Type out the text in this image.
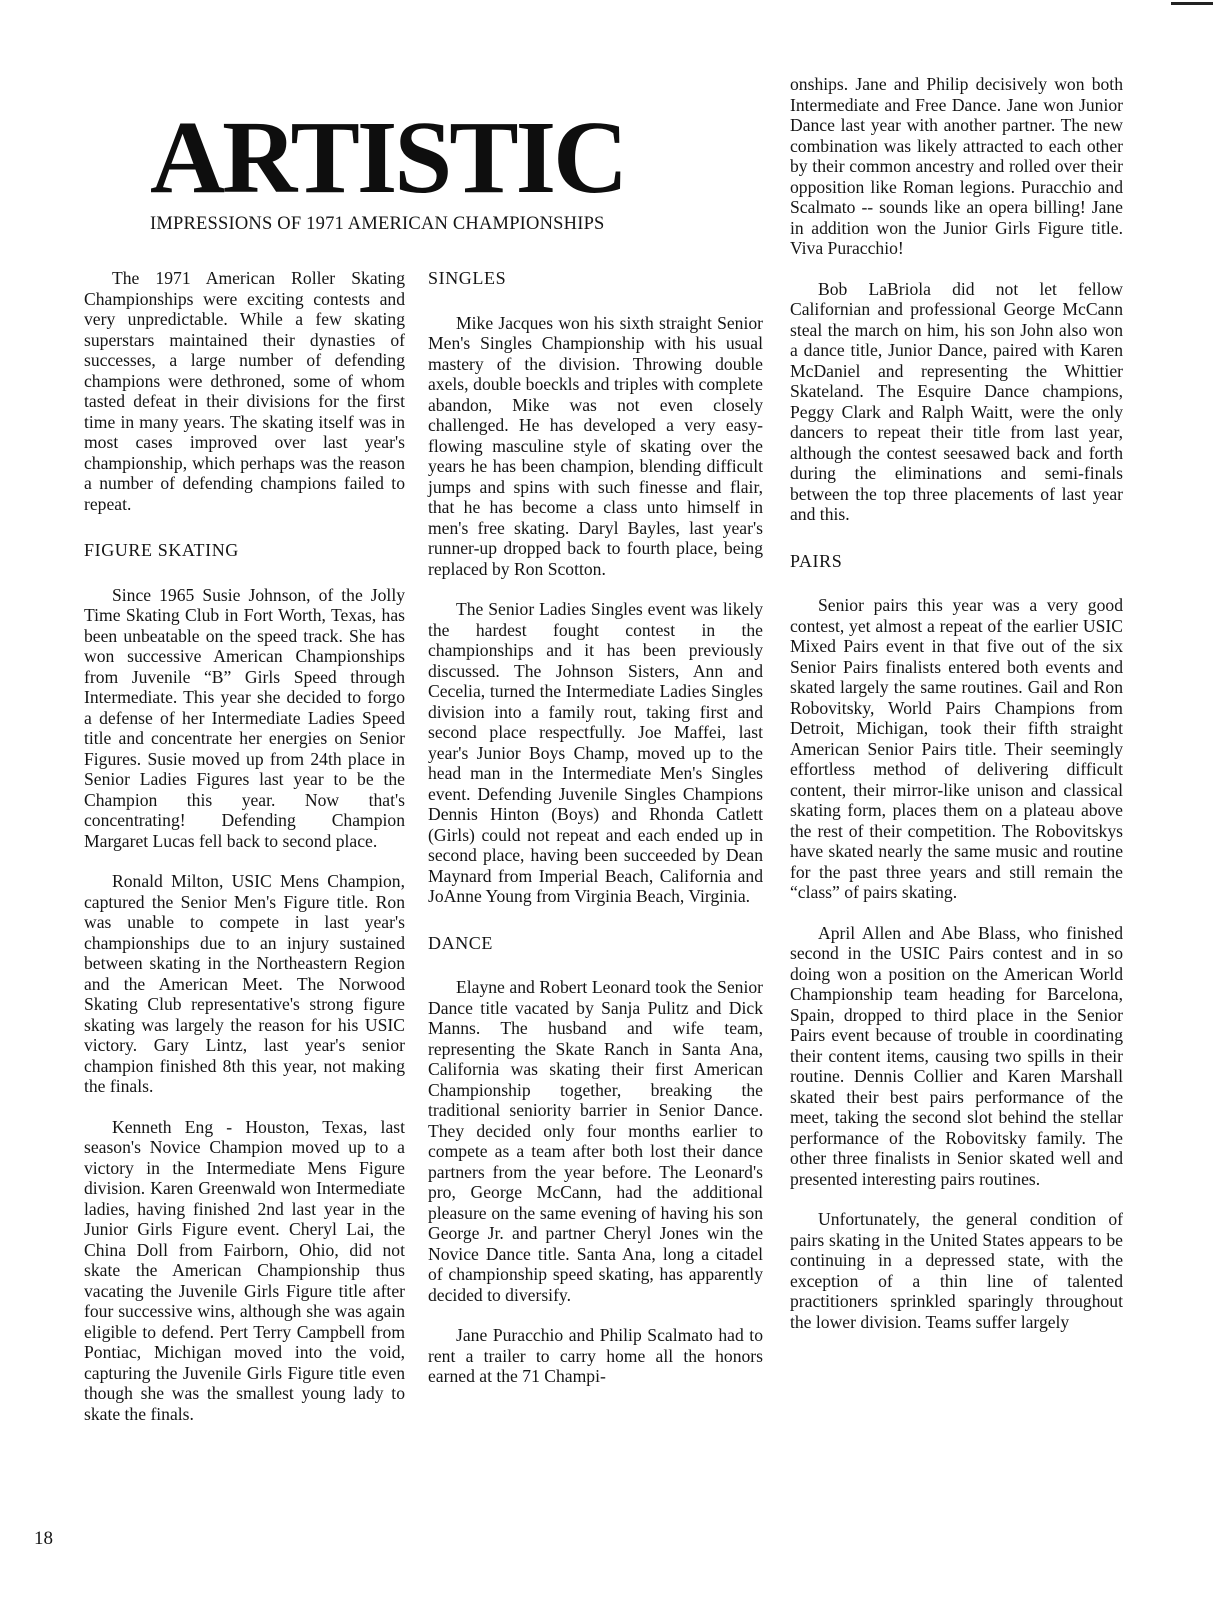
ARTISTIC
IMPRESSIONS OF 1971 AMERICAN CHAMPIONSHIPS

The 1971 American Roller Skating Championships were exciting contests and very unpredictable. While a few skating superstars maintained their dynasties of successes, a large number of defending champions were dethroned, some of whom tasted defeat in their divisions for the first time in many years. The skating itself was in most cases improved over last year's championship, which perhaps was the reason a number of defending champions failed to repeat.

FIGURE SKATING

Since 1965 Susie Johnson, of the Jolly Time Skating Club in Fort Worth, Texas, has been unbeatable on the speed track. She has won successive American Championships from Juvenile “B” Girls Speed through Intermediate. This year she decided to forgo a defense of her Intermediate Ladies Speed title and concentrate her energies on Senior Figures. Susie moved up from 24th place in Senior Ladies Figures last year to be the Champion this year. Now that's concentrating! Defending Champion Margaret Lucas fell back to second place.

Ronald Milton, USIC Mens Champion, captured the Senior Men's Figure title. Ron was unable to compete in last year's championships due to an injury sustained between skating in the Northeastern Region and the American Meet. The Norwood Skating Club representative's strong figure skating was largely the reason for his USIC victory. Gary Lintz, last year's senior champion finished 8th this year, not making the finals.

Kenneth Eng - Houston, Texas, last season's Novice Champion moved up to a victory in the Intermediate Mens Figure division. Karen Greenwald won Intermediate ladies, having finished 2nd last year in the Junior Girls Figure event. Cheryl Lai, the China Doll from Fairborn, Ohio, did not skate the American Championship thus vacating the Juvenile Girls Figure title after four successive wins, although she was again eligible to defend. Pert Terry Campbell from Pontiac, Michigan moved into the void, capturing the Juvenile Girls Figure title even though she was the smallest young lady to skate the finals.

SINGLES

Mike Jacques won his sixth straight Senior Men's Singles Championship with his usual mastery of the division. Throwing double axels, double boeckls and triples with complete abandon, Mike was not even closely challenged. He has developed a very easy-flowing masculine style of skating over the years he has been champion, blending difficult jumps and spins with such finesse and flair, that he has become a class unto himself in men's free skating. Daryl Bayles, last year's runner-up dropped back to fourth place, being replaced by Ron Scotton.

The Senior Ladies Singles event was likely the hardest fought contest in the championships and it has been previously discussed. The Johnson Sisters, Ann and Cecelia, turned the Intermediate Ladies Singles division into a family rout, taking first and second place respectfully. Joe Maffei, last year's Junior Boys Champ, moved up to the head man in the Intermediate Men's Singles event. Defending Juvenile Singles Champions Dennis Hinton (Boys) and Rhonda Catlett (Girls) could not repeat and each ended up in second place, having been succeeded by Dean Maynard from Imperial Beach, California and JoAnne Young from Virginia Beach, Virginia.

DANCE

Elayne and Robert Leonard took the Senior Dance title vacated by Sanja Pulitz and Dick Manns. The husband and wife team, representing the Skate Ranch in Santa Ana, California was skating their first American Championship together, breaking the traditional seniority barrier in Senior Dance. They decided only four months earlier to compete as a team after both lost their dance partners from the year before. The Leonard's pro, George McCann, had the additional pleasure on the same evening of having his son George Jr. and partner Cheryl Jones win the Novice Dance title. Santa Ana, long a citadel of championship speed skating, has apparently decided to diversify.

Jane Puracchio and Philip Scalmato had to rent a trailer to carry home all the honors earned at the 71 Champi-

onships. Jane and Philip decisively won both Intermediate and Free Dance. Jane won Junior Dance last year with another partner. The new combination was likely attracted to each other by their common ancestry and rolled over their opposition like Roman legions. Puracchio and Scalmato -- sounds like an opera billing! Jane in addition won the Junior Girls Figure title. Viva Puracchio!

Bob LaBriola did not let fellow Californian and professional George McCann steal the march on him, his son John also won a dance title, Junior Dance, paired with Karen McDaniel and representing the Whittier Skateland. The Esquire Dance champions, Peggy Clark and Ralph Waitt, were the only dancers to repeat their title from last year, although the contest seesawed back and forth during the eliminations and semi-finals between the top three placements of last year and this.

PAIRS

Senior pairs this year was a very good contest, yet almost a repeat of the earlier USIC Mixed Pairs event in that five out of the six Senior Pairs finalists entered both events and skated largely the same routines. Gail and Ron Robovitsky, World Pairs Champions from Detroit, Michigan, took their fifth straight American Senior Pairs title. Their seemingly effortless method of delivering difficult content, their mirror-like unison and classical skating form, places them on a plateau above the rest of their competition. The Robovitskys have skated nearly the same music and routine for the past three years and still remain the “class” of pairs skating.

April Allen and Abe Blass, who finished second in the USIC Pairs contest and in so doing won a position on the American World Championship team heading for Barcelona, Spain, dropped to third place in the Senior Pairs event because of trouble in coordinating their content items, causing two spills in their routine. Dennis Collier and Karen Marshall skated their best pairs performance of the meet, taking the second slot behind the stellar performance of the Robovitsky family. The other three finalists in Senior skated well and presented interesting pairs routines.

Unfortunately, the general condition of pairs skating in the United States appears to be continuing in a depressed state, with the exception of a thin line of talented practitioners sprinkled sparingly throughout the lower division. Teams suffer largely

18
